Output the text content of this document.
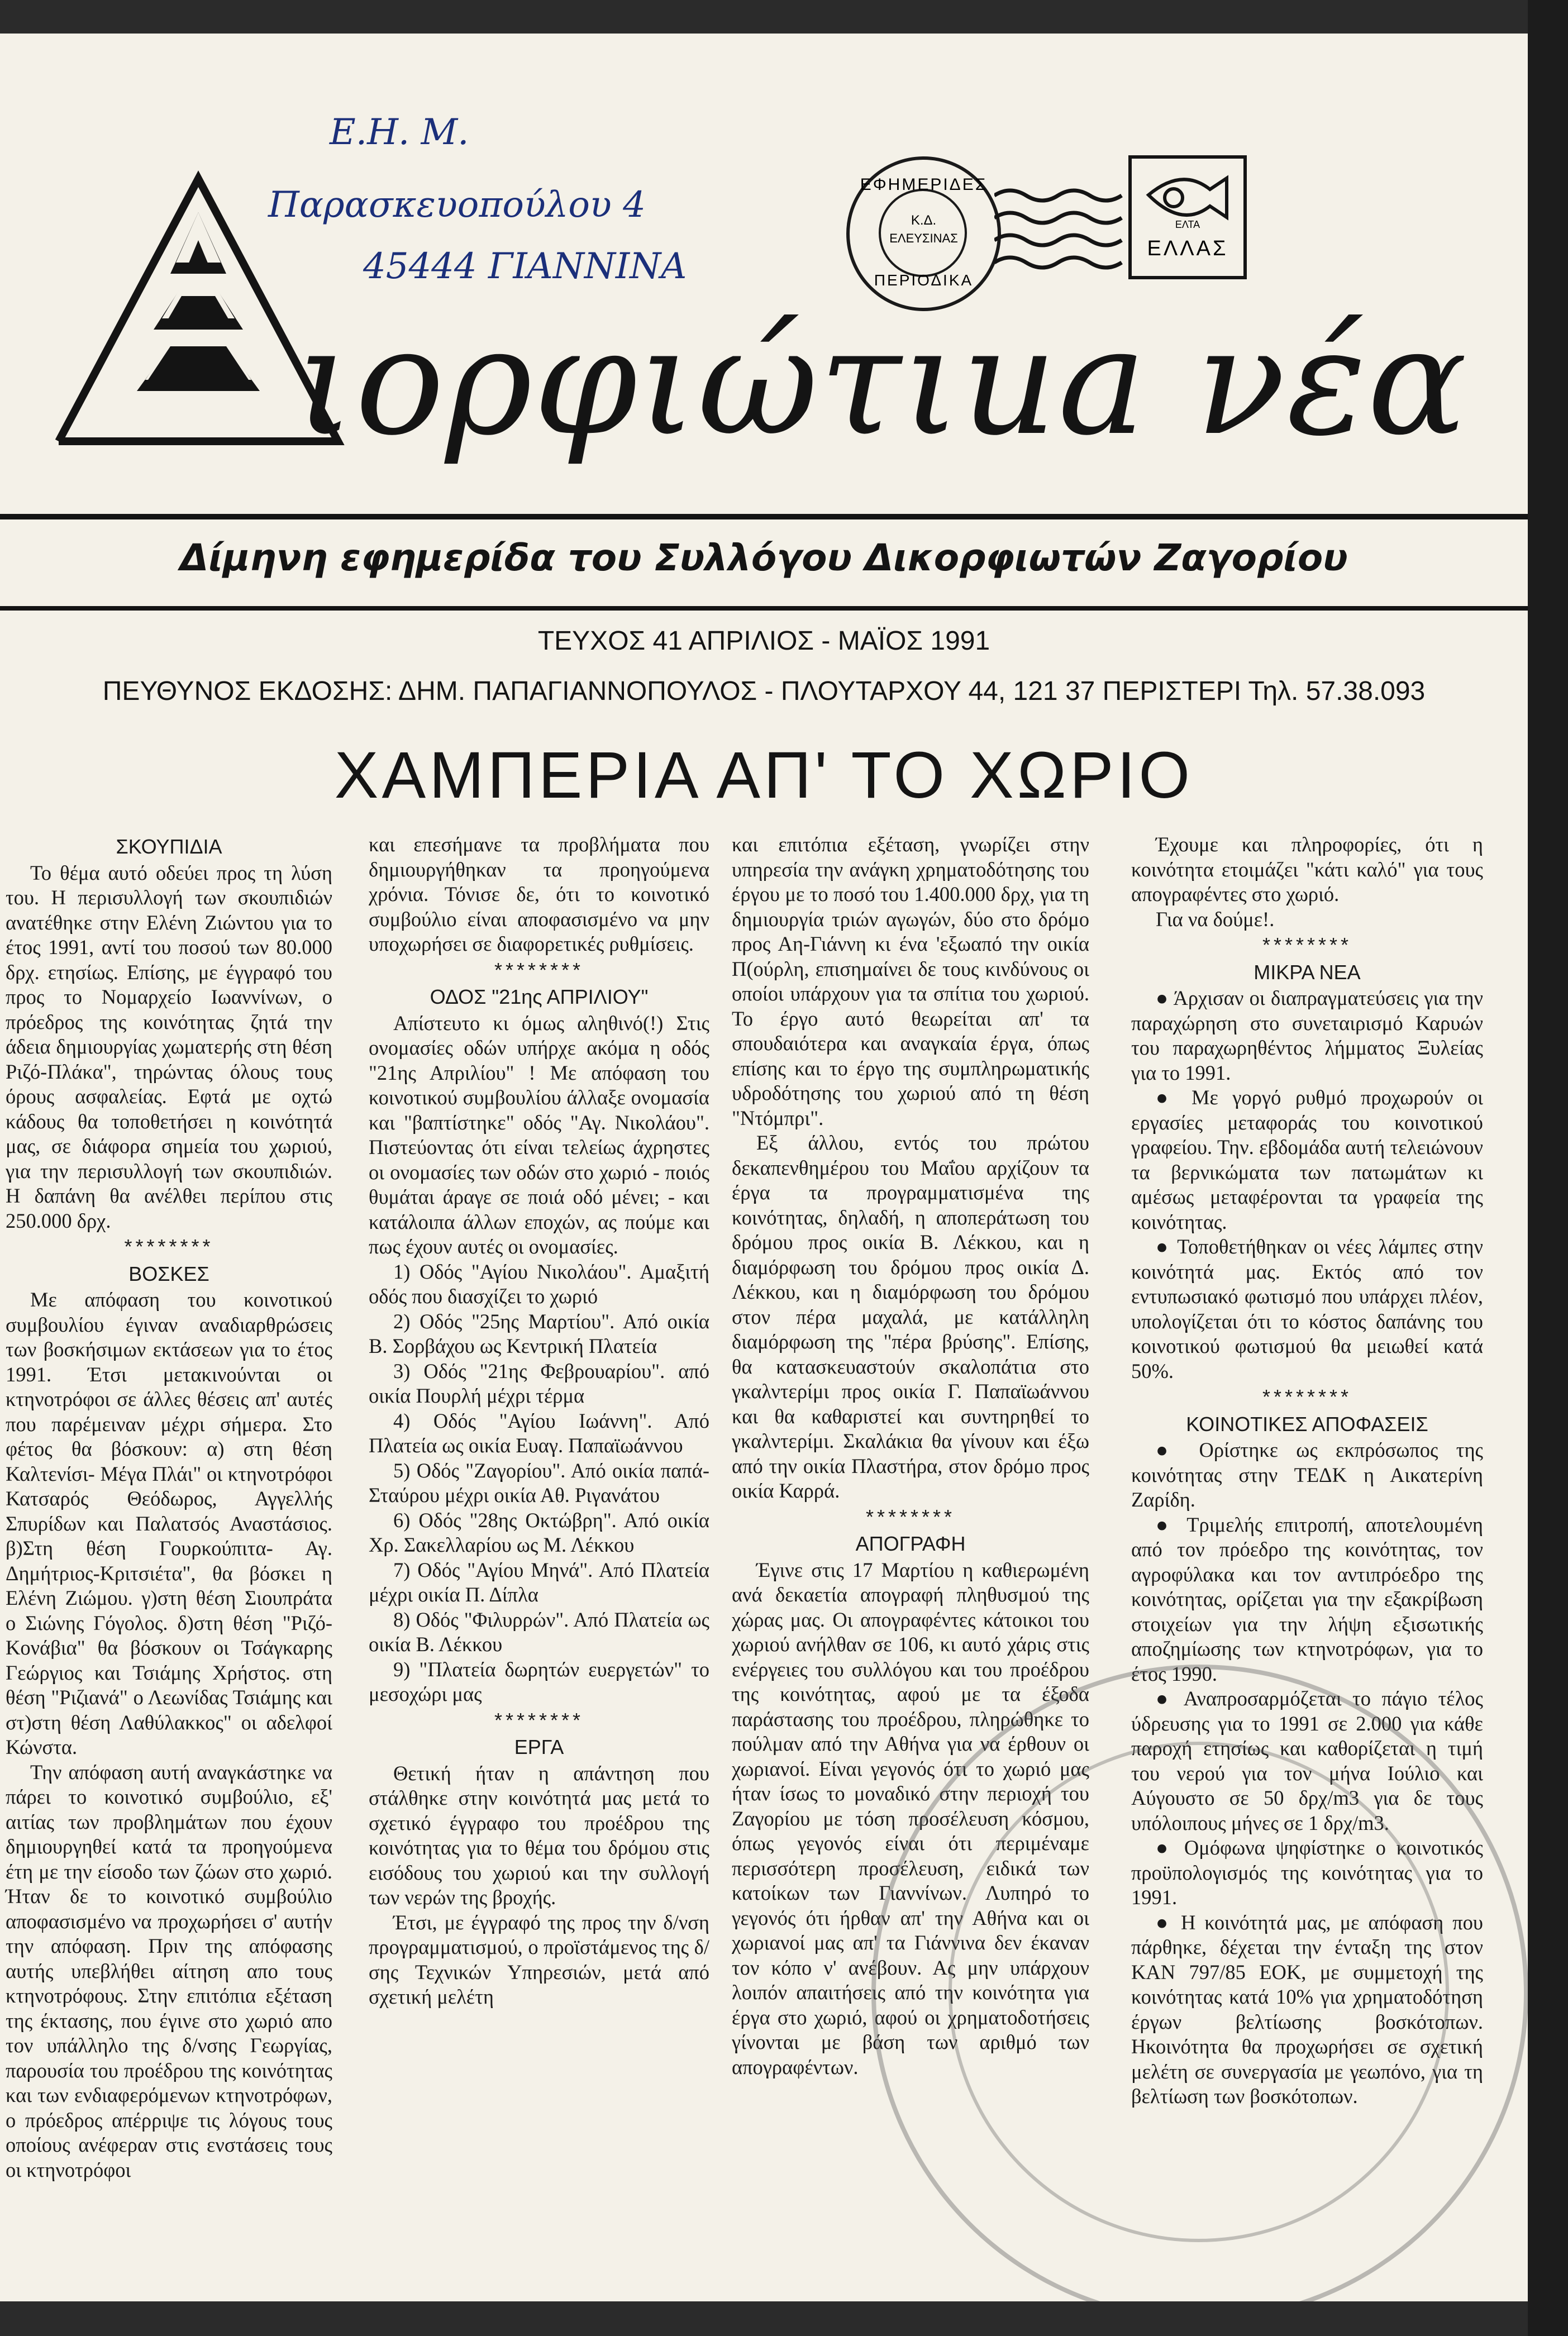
Ε.Η. Μ.
Παρασκευοπούλου 4
45444 ΓΙΑΝΝΙΝΑ
ιορφιώτιua νέα
ΕΦΗΜΕΡΙΔΕΣ
Κ.Δ.
ΕΛΕΥΣΙΝΑΣ
ΠΕΡΙΟΔΙΚΑ
ΕΛΤΑ
ΕΛΛΑΣ
Δίμηνη εφημερίδα του Συλλόγου Δικορφιωτών Ζαγορίου
ΤΕΥΧΟΣ 41 ΑΠΡΙΛΙΟΣ - ΜΑΪΟΣ 1991
ΠΕΥΘΥΝΟΣ ΕΚΔΟΣΗΣ: ΔΗΜ. ΠΑΠΑΓΙΑΝΝΟΠΟΥΛΟΣ - ΠΛΟΥΤΑΡΧΟΥ 44, 121 37 ΠΕΡΙΣΤΕΡΙ Τηλ. 57.38.093
ΧΑΜΠΕΡΙΑ ΑΠ' ΤΟ ΧΩΡΙΟ
ΣΚΟΥΠΙΔΙΑ

Το θέμα αυτό οδεύει προς τη λύση του. Η περισυλλογή των σκουπιδιών ανατέθηκε στην Ελένη Ζιώντου για το έτος 1991, αντί του ποσού των 80.000 δρχ. ετησίως. Επίσης, με έγγραφό του προς το Νομαρχείο Ιωαννίνων, ο πρόεδρος της κοινότητας ζητά την άδεια δημιουργίας χωματερής στη θέση Ριζό-Πλάκα", τηρώντας όλους τους όρους ασφαλείας. Εφτά με οχτώ κάδους θα τοποθετήσει η κοινότητά μας, σε διάφορα σημεία του χωριού, για την περισυλλογή των σκουπιδιών. Η δαπάνη θα ανέλθει περίπου στις 250.000 δρχ.

********
ΒΟΣΚΕΣ

Με απόφαση του κοινοτικού συμβουλίου έγιναν αναδιαρθρώσεις των βοσκήσιμων εκτάσεων για το έτος 1991. Έτσι μετακινούνται οι κτηνοτρόφοι σε άλλες θέσεις απ' αυτές που παρέμειναν μέχρι σήμερα. Στο φέτος θα βόσκουν: α) στη θέση Καλτενίσι- Μέγα Πλάι" οι κτηνοτρόφοι Κατσαρός Θεόδωρος, Αγγελλής Σπυρίδων και Παλατσός Αναστάσιος. β)Στη θέση Γουρκούπιτα- Αγ. Δημήτριος-Κριτσιέτα", θα βόσκει η Ελένη Ζιώμου. γ)στη θέση Σιουπράτα ο Σιώνης Γόγολος. δ)στη θέση "Ριζό-Κονάβια" θα βόσκουν οι Τσάγκαρης Γεώργιος και Τσιάμης Χρήστος. στη θέση "Ριζιανά" ο Λεωνίδας Τσιάμης και στ)στη θέση Λαθύλακκος" οι αδελφοί Κώνστα.

Την απόφαση αυτή αναγκάστηκε να πάρει το κοινοτικό συμβούλιο, εξ' αιτίας των προβλημάτων που έχουν δημιουργηθεί κατά τα προηγούμενα έτη με την είσοδο των ζώων στο χωριό. Ήταν δε το κοινοτικό συμβούλιο αποφασισμένο να προχωρήσει σ' αυτήν την απόφαση. Πριν της απόφασης αυτής υπεβλήθει αίτηση απο τους κτηνοτρόφους. Στην επιτόπια εξέταση της έκτασης, που έγινε στο χωριό απο τον υπάλληλο της δ/νσης Γεωργίας, παρουσία του προέδρου της κοινότητας και των ενδιαφερόμενων κτηνοτρόφων, ο πρόεδρος απέρριψε τις λόγους τους οποίους ανέφεραν στις ενστάσεις τους οι κτηνοτρόφοι

και επεσήμανε τα προβλήματα που δημιουργήθηκαν τα προηγούμενα χρόνια. Τόνισε δε, ότι το κοινοτικό συμβούλιο είναι αποφασισμένο να μην υποχωρήσει σε διαφορετικές ρυθμίσεις.

********
ΟΔΟΣ "21ης ΑΠΡΙΛΙΟΥ"

Απίστευτο κι όμως αληθινό(!) Στις ονομασίες οδών υπήρχε ακόμα η οδός "21ης Απριλίου" ! Με απόφαση του κοινοτικού συμβουλίου άλλαξε ονομασία και "βαπτίστηκε" οδός "Αγ. Νικολάου". Πιστεύοντας ότι είναι τελείως άχρηστες οι ονομασίες των οδών στο χωριό - ποιός θυμάται άραγε σε ποιά οδό μένει; - και κατάλοιπα άλλων εποχών, ας πούμε και πως έχουν αυτές οι ονομασίες.

1) Οδός "Αγίου Νικολάου". Αμαξιτή οδός που διασχίζει το χωριό

2) Οδός "25ης Μαρτίου". Από οικία Β. Σορβάχου ως Κεντρική Πλατεία

3) Οδός "21ης Φεβρουαρίου". από οικία Πουρλή μέχρι τέρμα

4) Οδός "Αγίου Ιωάννη". Από Πλατεία ως οικία Ευαγ. Παπαϊωάννου

5) Οδός "Ζαγορίου". Από οικία παπά- Σταύρου μέχρι οικία Αθ. Ριγανάτου

6) Οδός "28ης Οκτώβρη". Από οικία Χρ. Σακελλαρίου ως Μ. Λέκκου

7) Οδός "Αγίου Μηνά". Από Πλατεία μέχρι οικία Π. Δίπλα

8) Οδός "Φιλυρρών". Από Πλατεία ως οικία Β. Λέκκου

9) "Πλατεία δωρητών ευεργετών" το μεσοχώρι μας

********
ΕΡΓΑ

Θετική ήταν η απάντηση που στάλθηκε στην κοινότητά μας μετά το σχετικό έγγραφο του προέδρου της κοινότητας για το θέμα του δρόμου στις εισόδους του χωριού και την συλλογή των νερών της βροχής.

Έτσι, με έγγραφό της προς την δ/νση προγραμματισμού, ο προϊστάμενος της δ/σης Τεχνικών Υπηρεσιών, μετά από σχετική μελέτη

και επιτόπια εξέταση, γνωρίζει στην υπηρεσία την ανάγκη χρηματοδότησης του έργου με το ποσό του 1.400.000 δρχ, για τη δημιουργία τριών αγωγών, δύο στο δρόμο προς Αη-Γιάννη κι ένα 'εξωαπό την οικία Π(ούρλη, επισημαίνει δε τους κινδύνους οι οποίοι υπάρχουν για τα σπίτια του χωριού. Το έργο αυτό θεωρείται απ' τα σπουδαιότερα και αναγκαία έργα, όπως επίσης και το έργο της συμπληρωματικής υδροδότησης του χωριού από τη θέση "Ντόμπρι".

Εξ άλλου, εντός του πρώτου δεκαπενθημέρου του Μαΐου αρχίζουν τα έργα τα προγραμματισμένα της κοινότητας, δηλαδή, η αποπεράτωση του δρόμου προς οικία Β. Λέκκου, και η διαμόρφωση του δρόμου προς οικία Δ. Λέκκου, και η διαμόρφωση του δρόμου στον πέρα μαχαλά, με κατάλληλη διαμόρφωση της "πέρα βρύσης". Επίσης, θα κατασκευαστούν σκαλοπάτια στο γκαλντερίμι προς οικία Γ. Παπαϊωάννου και θα καθαριστεί και συντηρηθεί το γκαλντερίμι. Σκαλάκια θα γίνουν και έξω από την οικία Πλαστήρα, στον δρόμο προς οικία Καρρά.

********
ΑΠΟΓΡΑΦΗ

Έγινε στις 17 Μαρτίου η καθιερωμένη ανά δεκαετία απογραφή πληθυσμού της χώρας μας. Οι απογραφέντες κάτοικοι του χωριού ανήλθαν σε 106, κι αυτό χάρις στις ενέργειες του συλλόγου και του προέδρου της κοινότητας, αφού με τα έξοδα παράστασης του προέδρου, πληρώθηκε το πούλμαν από την Αθήνα για να έρθουν οι χωριανοί. Είναι γεγονός ότι το χωριό μας ήταν ίσως το μοναδικό στην περιοχή του Ζαγορίου με τόση προσέλευση κόσμου, όπως γεγονός είναι ότι περιμέναμε περισσότερη προσέλευση, ειδικά των κατοίκων των Γιαννίνων. Λυπηρό το γεγονός ότι ήρθαν απ' την Αθήνα και οι χωριανοί μας απ' τα Γιάννινα δεν έκαναν τον κόπο ν' ανέβουν. Ας μην υπάρχουν λοιπόν απαιτήσεις από την κοινότητα για έργα στο χωριό, αφού οι χρηματοδοτήσεις γίνονται με βάση των αριθμό των απογραφέντων.

Έχουμε και πληροφορίες, ότι η κοινότητα ετοιμάζει "κάτι καλό" για τους απογραφέντες στο χωριό.

Για να δούμε!.

********
ΜΙΚΡΑ ΝΕΑ

● Άρχισαν οι διαπραγματεύσεις για την παραχώρηση στο συνεταιρισμό Καρυών του παραχωρηθέντος λήμματος Ξυλείας για το 1991.

● Με γοργό ρυθμό προχωρούν οι εργασίες μεταφοράς του κοινοτικού γραφείου. Την. εβδομάδα αυτή τελειώνουν τα βερνικώματα των πατωμάτων κι αμέσως μεταφέρονται τα γραφεία της κοινότητας.

● Τοποθετήθηκαν οι νέες λάμπες στην κοινότητά μας. Εκτός από τον εντυπωσιακό φωτισμό που υπάρχει πλέον, υπολογίζεται ότι το κόστος δαπάνης του κοινοτικού φωτισμού θα μειωθεί κατά 50%.

********
ΚΟΙΝΟΤΙΚΕΣ ΑΠΟΦΑΣΕΙΣ

● Ορίστηκε ως εκπρόσωπος της κοινότητας στην ΤΕΔΚ η Αικατερίνη Ζαρίδη.

● Τριμελής επιτροπή, αποτελουμένη από τον πρόεδρο της κοινότητας, τον αγροφύλακα και τον αντιπρόεδρο της κοινότητας, ορίζεται για την εξακρίβωση στοιχείων για την λήψη εξισωτικής αποζημίωσης των κτηνοτρόφων, για το έτος 1990.

● Αναπροσαρμόζεται το πάγιο τέλος ύδρευσης για το 1991 σε 2.000 για κάθε παροχή ετησίως και καθορίζεται η τιμή του νερού για τον μήνα Ιούλιο και Αύγουστο σε 50 δρχ/m3 για δε τους υπόλοιπους μήνες σε 1 δρχ/m3.

● Ομόφωνα ψηφίστηκε ο κοινοτικός προϋπολογισμός της κοινότητας για το 1991.

● Η κοινότητά μας, με απόφαση που πάρθηκε, δέχεται την ένταξη της στον ΚΑΝ 797/85 ΕΟΚ, με συμμετοχή της κοινότητας κατά 10% για χρηματοδότηση έργων βελτίωσης βοσκότοπων. Ηκοινότητα θα προχωρήσει σε σχετική μελέτη σε συνεργασία με γεωπόνο, για τη βελτίωση των βοσκότοπων.
